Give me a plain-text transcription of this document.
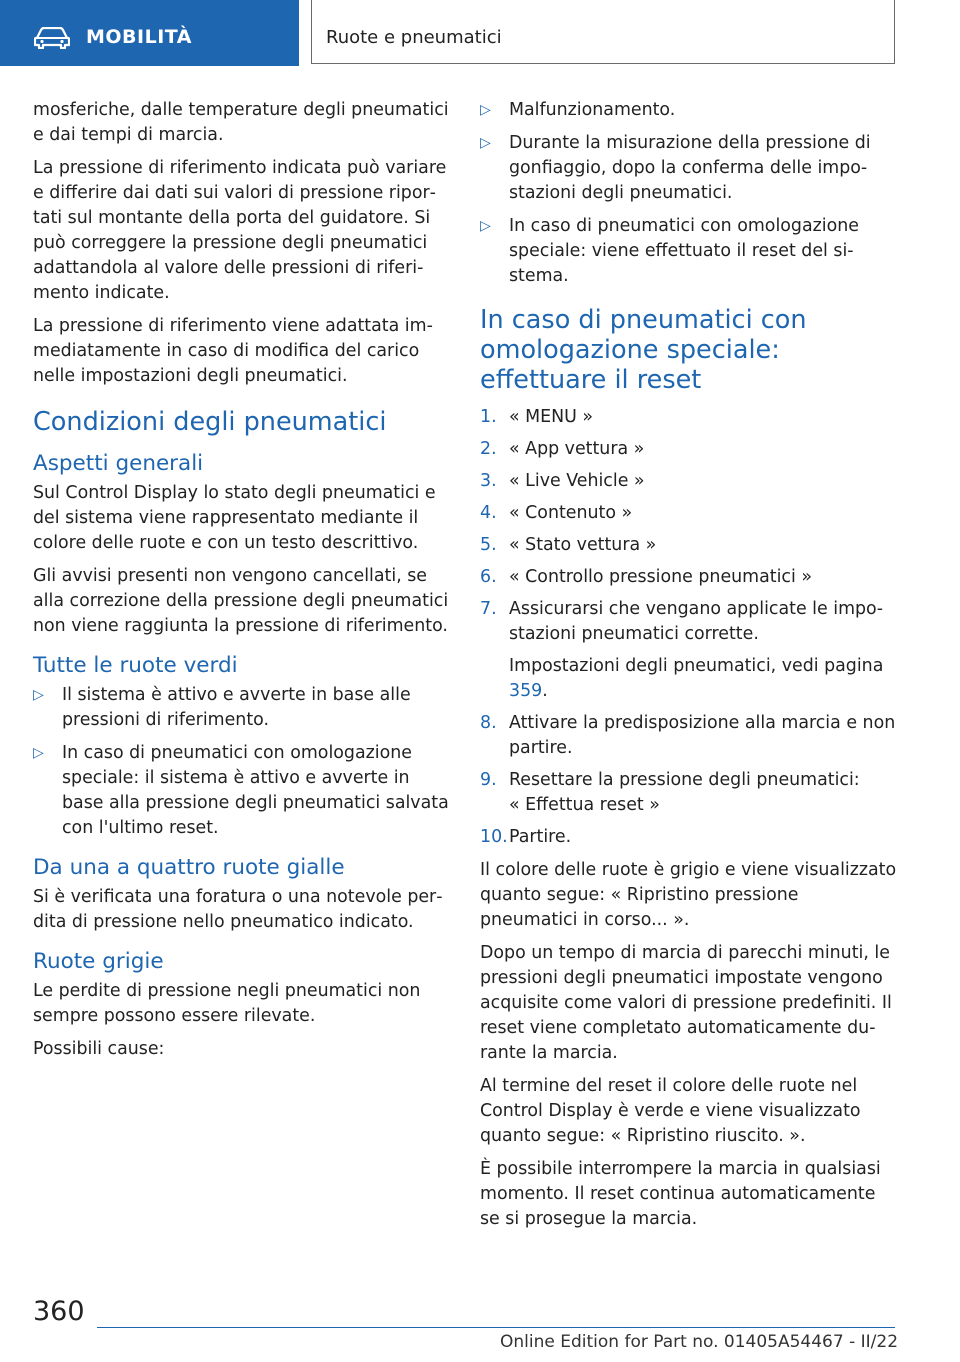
MOBILITÀ	Ruote e pneumatici

mosferiche, dalle temperature degli pneumatici e dai tempi di marcia.

La pressione di riferimento indicata può variare e differire dai dati sui valori di pressione riportati sul montante della porta del guidatore. Si può correggere la pressione degli pneumatici adattandola al valore delle pressioni di riferimento indicate.

La pressione di riferimento viene adattata immediatamente in caso di modifica del carico nelle impostazioni degli pneumatici.

Condizioni degli pneumatici
Aspetti generali

Sul Control Display lo stato degli pneumatici e del sistema viene rappresentato mediante il colore delle ruote e con un testo descrittivo.

Gli avvisi presenti non vengono cancellati, se alla correzione della pressione degli pneumatici non viene raggiunta la pressione di riferimento.

Tutte le ruote verdi
▷ Il sistema è attivo e avverte in base alle pressioni di riferimento.
▷ In caso di pneumatici con omologazione speciale: il sistema è attivo e avverte in base alla pressione degli pneumatici salvata con l'ultimo reset.
Da una a quattro ruote gialle

Si è verificata una foratura o una notevole perdita di pressione nello pneumatico indicato.

Ruote grigie

Le perdite di pressione negli pneumatici non sempre possono essere rilevate.

Possibili cause:

▷ Malfunzionamento.
▷ Durante la misurazione della pressione di gonfiaggio, dopo la conferma delle impostazioni degli pneumatici.
▷ In caso di pneumatici con omologazione speciale: viene effettuato il reset del sistema.
In caso di pneumatici con omologazione speciale: effettuare il reset
1. « MENU »
2. « App vettura »
3. « Live Vehicle »
4. « Contenuto »
5. « Stato vettura »
6. « Controllo pressione pneumatici »
7. Assicurarsi che vengano applicate le impostazioni pneumatici corrette.
Impostazioni degli pneumatici, vedi pagina 359.
8. Attivare la predisposizione alla marcia e non partire.
9. Resettare la pressione degli pneumatici:
« Effettua reset »
10. Partire.

Il colore delle ruote è grigio e viene visualizzato quanto segue: « Ripristino pressione pneumatici in corso... ».

Dopo un tempo di marcia di parecchi minuti, le pressioni degli pneumatici impostate vengono acquisite come valori di pressione predefiniti. Il reset viene completato automaticamente durante la marcia.

Al termine del reset il colore delle ruote nel Control Display è verde e viene visualizzato quanto segue: « Ripristino riuscito. ».

È possibile interrompere la marcia in qualsiasi momento. Il reset continua automaticamente se si prosegue la marcia.

360
Online Edition for Part no. 01405A54467 - II/22
